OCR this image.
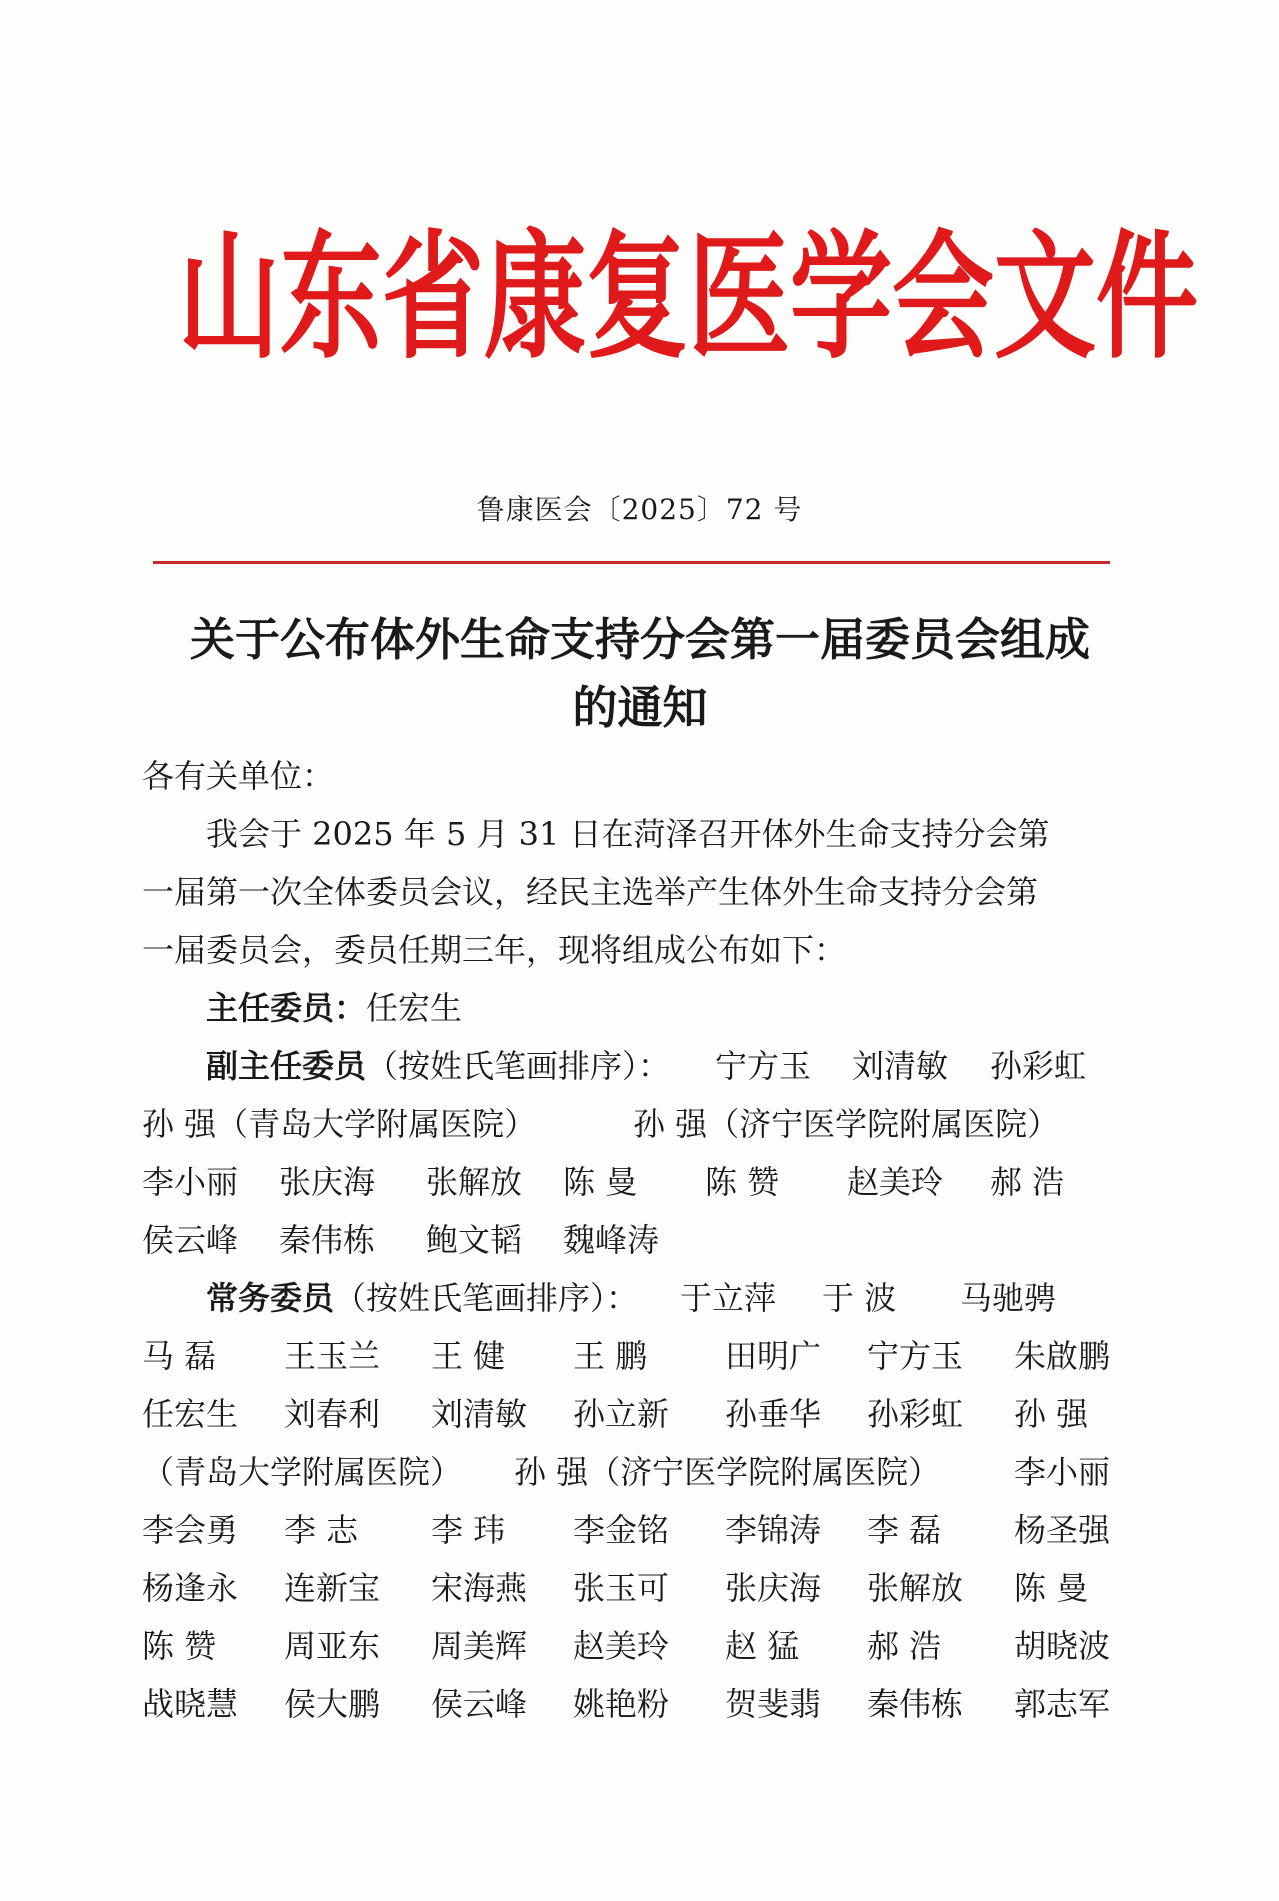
山东省康复医学会文件
鲁康医会〔2025〕72 号
关于公布体外生命支持分会第一届委员会组成
的通知
各有关单位：
我会于 2025 年 5 月 31 日在菏泽召开体外生命支持分会第
一届第一次全体委员会议，经民主选举产生体外生命支持分会第
一届委员会，委员任期三年，现将组成公布如下：
主任委员：任宏生
副主任委员（按姓氏笔画排序）： 宁方玉 刘清敏 孙彩虹
孙 强（青岛大学附属医院）	孙 强（济宁医学院附属医院）
李小丽 张庆海 张解放 陈 曼 陈 赞 赵美玲 郝 浩
侯云峰 秦伟栋 鲍文韬 魏峰涛
常务委员（按姓氏笔画排序）： 于立萍 于 波 马驰骋
马 磊 王玉兰 王 健 王 鹏 田明广 宁方玉 朱啟鹏
任宏生 刘春利 刘清敏 孙立新 孙垂华 孙彩虹 孙 强
（青岛大学附属医院） 孙 强（济宁医学院附属医院） 李小丽
李会勇 李 志 李 玮 李金铭 李锦涛 李 磊 杨圣强
杨逢永 连新宝 宋海燕 张玉可 张庆海 张解放 陈 曼
陈 赞 周亚东 周美辉 赵美玲 赵 猛 郝 浩 胡晓波
战晓慧 侯大鹏 侯云峰 姚艳粉 贺斐翡 秦伟栋 郭志军
